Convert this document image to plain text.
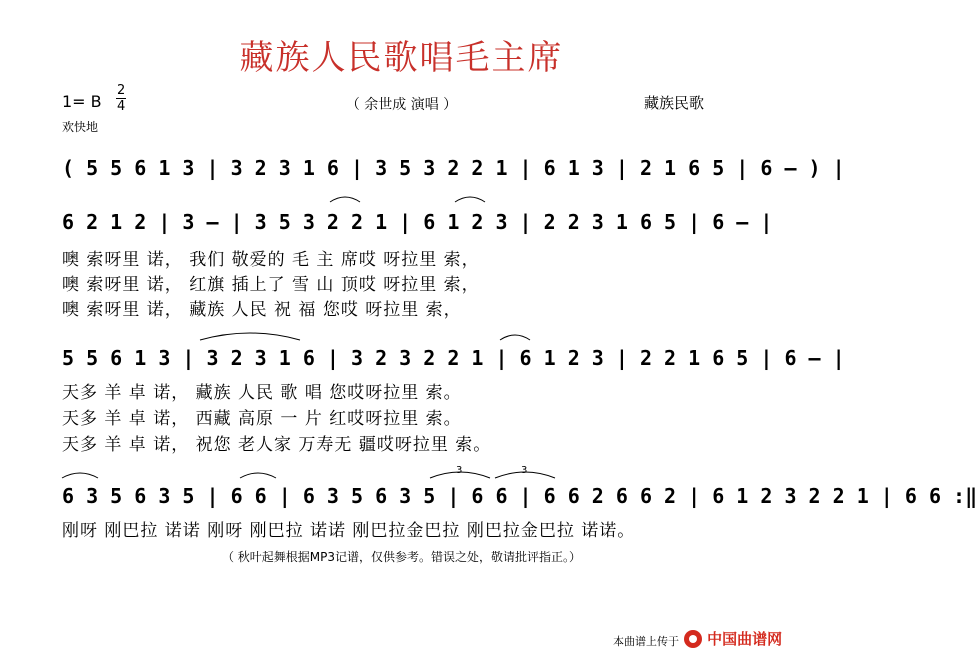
藏族人民歌唱毛主席
1= B
2
4
欢快地
（ 余世成 演唱 ）	藏族民歌
( 5 5 6 1 3 | 3 2 3 1 6 | 3 5 3 2 2 1 | 6 1 3 | 2 1 6 5 | 6 – ) |
6 2 1 2 | 3 – | 3 5 3 2 2 1 | 6 1 2 3 | 2 2 3 1 6 5 | 6 – |
噢 索呀里 诺， 我们 敬爱的 毛 主 席哎 呀拉里 索，
噢 索呀里 诺， 红旗 插上了 雪 山 顶哎 呀拉里 索，
噢 索呀里 诺， 藏族 人民 祝 福 您哎 呀拉里 索，
5 5 6 1 3 | 3 2 3 1 6 | 3 2 3 2 2 1 | 6 1 2 3 | 2 2 1 6 5 | 6 – |
天多 羊 卓 诺， 藏族 人民 歌 唱 您哎呀拉里 索。
天多 羊 卓 诺， 西藏 高原 一 片 红哎呀拉里 索。
天多 羊 卓 诺， 祝您 老人家 万寿无 疆哎呀拉里 索。
6 3 5 6 3 5 | 6 6 | 6 3 5 6 3 5 | 6 6 | 6 6 2 6 6 2 | 6 1 2 3 2 2 1 | 6 6 :‖
刚呀 刚巴拉 诺诺 刚呀 刚巴拉 诺诺 刚巴拉金巴拉 刚巴拉金巴拉 诺诺。
3	3
（ 秋叶起舞根据MP3记谱，仅供参考。错误之处，敬请批评指正。）
本曲谱上传于	中国曲谱网
